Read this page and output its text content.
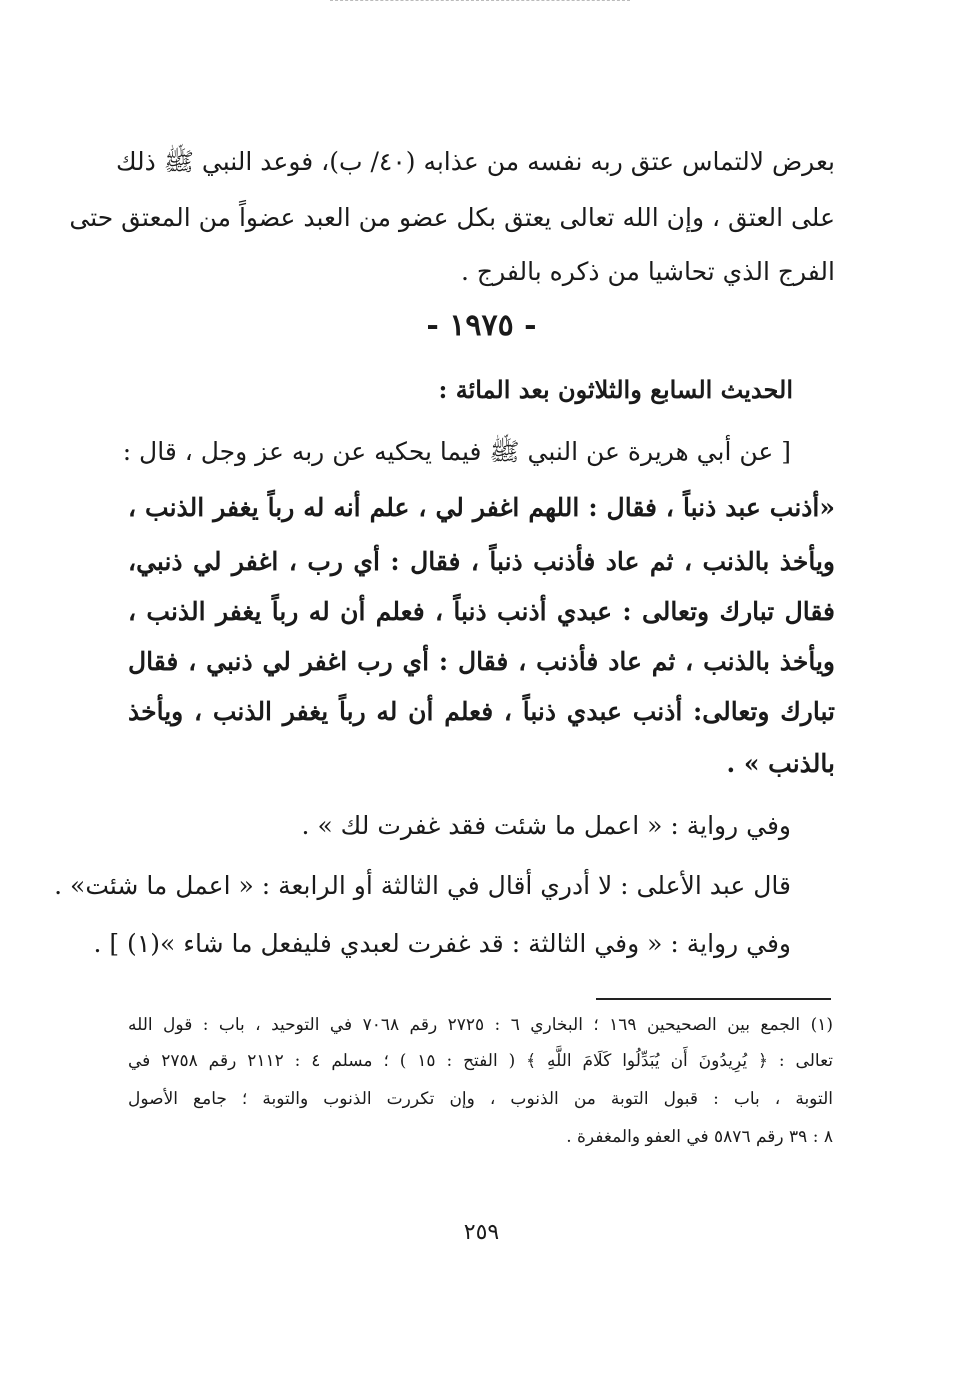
بعرض لالتماس عتق ربه نفسه من عذابه (٤٠/ ب)، فوعد النبي ﷺ ذلك
على العتق ، وإن الله تعالى يعتق بكل عضو من العبد عضواً من المعتق حتى
الفرج الذي تحاشيا من ذكره بالفرج .
- ١٩٧٥ -
الحديث السابع والثلاثون بعد المائة :
[ عن أبي هريرة عن النبي ﷺ فيما يحكيه عن ربه عز وجل ، قال :
«أذنب عبد ذنباً ، فقال : اللهم اغفر لي ، علم أنه له رباً يغفر الذنب ،
ويأخذ بالذنب ، ثم عاد فأذنب ذنباً ، فقال : أي رب ، اغفر لي ذنبي،
فقال تبارك وتعالى : عبدي أذنب ذنباً ، فعلم أن له رباً يغفر الذنب ،
ويأخذ بالذنب ، ثم عاد فأذنب ، فقال : أي رب اغفر لي ذنبي ، فقال
تبارك وتعالى: أذنب عبدي ذنباً ، فعلم أن له رباً يغفر الذنب ، ويأخذ
بالذنب » .
وفي رواية : « اعمل ما شئت فقد غفرت لك » .
قال عبد الأعلى : لا أدري أقال في الثالثة أو الرابعة : « اعمل ما شئت» .
وفي رواية : « وفي الثالثة : قد غفرت لعبدي فليفعل ما شاء »(١) ] .
(١) الجمع بين الصحيحين ١٦٩ ؛ البخاري ٦ : ٢٧٢٥ رقم ٧٠٦٨ في التوحيد ، باب : قول الله
تعالى : ﴿ يُرِيدُونَ أَن يُبَدِّلُوا كَلَامَ اللَّهِ ﴾ ( الفتح : ١٥ ) ؛ مسلم ٤ : ٢١١٢ رقم ٢٧٥٨ في
التوبة ، باب : قبول التوبة من الذنوب ، وإن تكررت الذنوب والتوبة ؛ جامع الأصول
٨ : ٣٩ رقم ٥٨٧٦ في العفو والمغفرة .
٢٥٩
